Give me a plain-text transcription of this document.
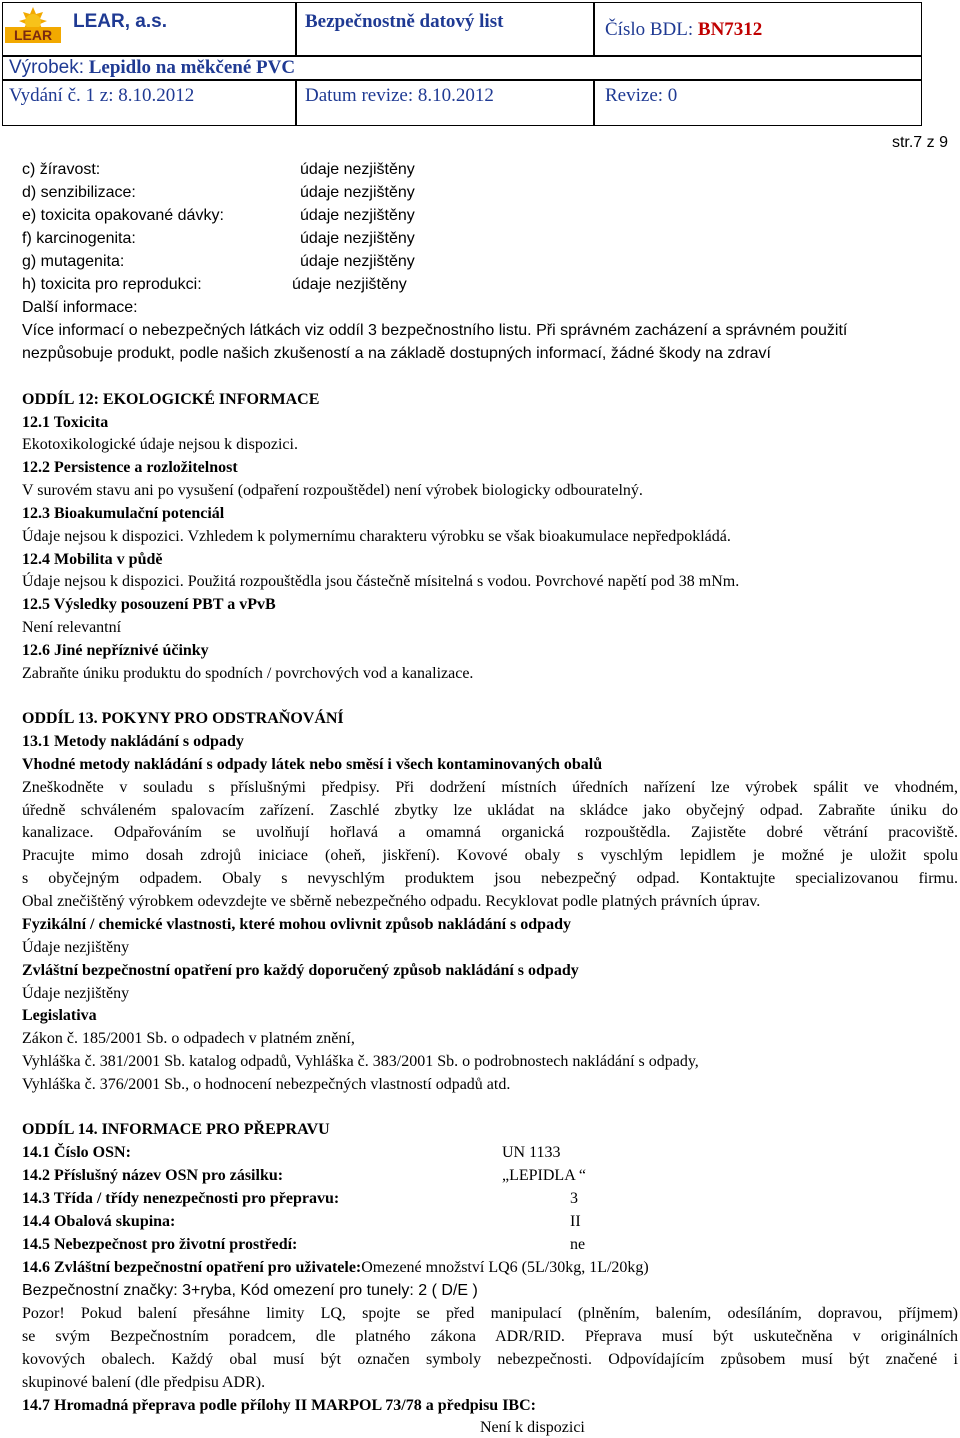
LEAR
LEAR, a.s.	Bezpečnostně datový list	Číslo BDL: BN7312
Výrobek: Lepidlo na měkčené PVC
Vydání č. 1 z: 8.10.2012	Datum revize: 8.10.2012	Revize: 0
str.7 z 9
c) žíravost:	údaje nezjištěny
d) senzibilizace:	údaje nezjištěny
e) toxicita opakované dávky:	údaje nezjištěny
f) karcinogenita:	údaje nezjištěny
g) mutagenita:	údaje nezjištěny
h) toxicita pro reprodukci:	údaje nezjištěny
Další informace:
Více informací o nebezpečných látkách viz oddíl 3 bezpečnostního listu. Při správném zacházení a správném použití
nezpůsobuje produkt, podle našich zkušeností a na základě dostupných informací, žádné škody na zdraví
ODDÍL 12: EKOLOGICKÉ INFORMACE
12.1 Toxicita
Ekotoxikologické údaje nejsou k dispozici.
12.2 Persistence a rozložitelnost
V surovém stavu ani po vysušení (odpaření rozpouštědel) není výrobek biologicky odbouratelný.
12.3 Bioakumulační potenciál
Údaje nejsou k dispozici. Vzhledem k polymernímu charakteru výrobku se však bioakumulace nepředpokládá.
12.4 Mobilita v půdě
Údaje nejsou k dispozici. Použitá rozpouštědla jsou částečně mísitelná s vodou. Povrchové napětí pod 38 mNm.
12.5 Výsledky posouzení PBT a vPvB
Není relevantní
12.6 Jiné nepříznivé účinky
Zabraňte úniku produktu do spodních / povrchových vod a kanalizace.
ODDÍL 13. POKYNY PRO ODSTRAŇOVÁNÍ
13.1 Metody nakládání s odpady
Vhodné metody nakládání s odpady látek nebo směsí i všech kontaminovaných obalů
Zneškodněte v souladu s příslušnými předpisy. Při dodržení místních úředních nařízení lze výrobek spálit ve vhodném,
úředně schváleném spalovacím zařízení. Zaschlé zbytky lze ukládat na skládce jako obyčejný odpad. Zabraňte úniku do
kanalizace. Odpařováním se uvolňují hořlavá a omamná organická rozpouštědla. Zajistěte dobré větrání pracoviště.
Pracujte mimo dosah zdrojů iniciace (oheň, jiskření). Kovové obaly s vyschlým lepidlem je možné je uložit spolu
s obyčejným odpadem. Obaly s nevyschlým produktem jsou nebezpečný odpad. Kontaktujte specializovanou firmu.
Obal znečištěný výrobkem odevzdejte ve sběrně nebezpečného odpadu. Recyklovat podle platných právních úprav.
Fyzikální / chemické vlastnosti, které mohou ovlivnit způsob nakládání s odpady
Údaje nezjištěny
Zvláštní bezpečnostní opatření pro každý doporučený způsob nakládání s odpady
Údaje nezjištěny
Legislativa
Zákon č. 185/2001 Sb. o odpadech v platném znění,
Vyhláška č. 381/2001 Sb. katalog odpadů, Vyhláška č. 383/2001 Sb. o podrobnostech nakládání s odpady,
Vyhláška č. 376/2001 Sb., o hodnocení nebezpečných vlastností odpadů atd.
ODDÍL 14. INFORMACE PRO PŘEPRAVU
14.1 Číslo OSN:	UN 1133
14.2 Příslušný název OSN pro zásilku:	„LEPIDLA “
14.3 Třída / třídy nenezpečnosti pro přepravu:	3
14.4 Obalová skupina:	II
14.5 Nebezpečnost pro životní prostředí:	ne
14.6 Zvláštní bezpečnostní opatření pro uživatele:Omezené množství LQ6 (5L/30kg, 1L/20kg)
Bezpečnostní značky: 3+ryba, Kód omezení pro tunely: 2 ( D/E )
Pozor! Pokud balení přesáhne limity LQ, spojte se před manipulací (plněním, balením, odesíláním, dopravou, příjmem)
se svým Bezpečnostním poradcem, dle platného zákona ADR/RID. Přeprava musí být uskutečněna v originálních
kovových obalech. Každý obal musí být označen symboly nebezpečnosti. Odpovídajícím způsobem musí být značené i
skupinové balení (dle předpisu ADR).
14.7 Hromadná přeprava podle přílohy II MARPOL 73/78 a předpisu IBC:
Není k dispozici
